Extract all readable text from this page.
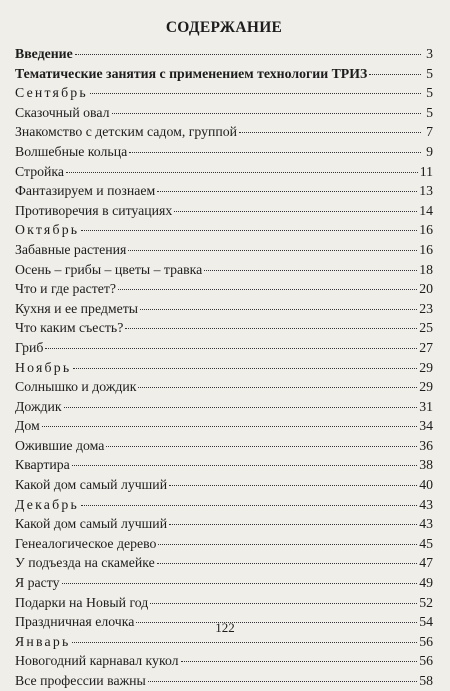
СОДЕРЖАНИЕ
Введение	3
Тематические занятия с применением технологии ТРИЗ	5
Сентябрь	5
Сказочный овал	5
Знакомство с детским садом, группой	7
Волшебные кольца	9
Стройка	11
Фантазируем и познаем	13
Противоречия в ситуациях	14
Октябрь	16
Забавные растения	16
Осень – грибы – цветы – травка	18
Что и где растет?	20
Кухня и ее предметы	23
Что каким съесть?	25
Гриб	27
Ноябрь	29
Солнышко и дождик	29
Дождик	31
Дом	34
Ожившие дома	36
Квартира	38
Какой дом самый лучший	40
Декабрь	43
Какой дом самый лучший	43
Генеалогическое дерево	45
У подъезда на скамейке	47
Я расту	49
Подарки на Новый год	52
Праздничная елочка	54
Январь	56
Новогодний карнавал кукол	56
Все профессии важны	58
122
